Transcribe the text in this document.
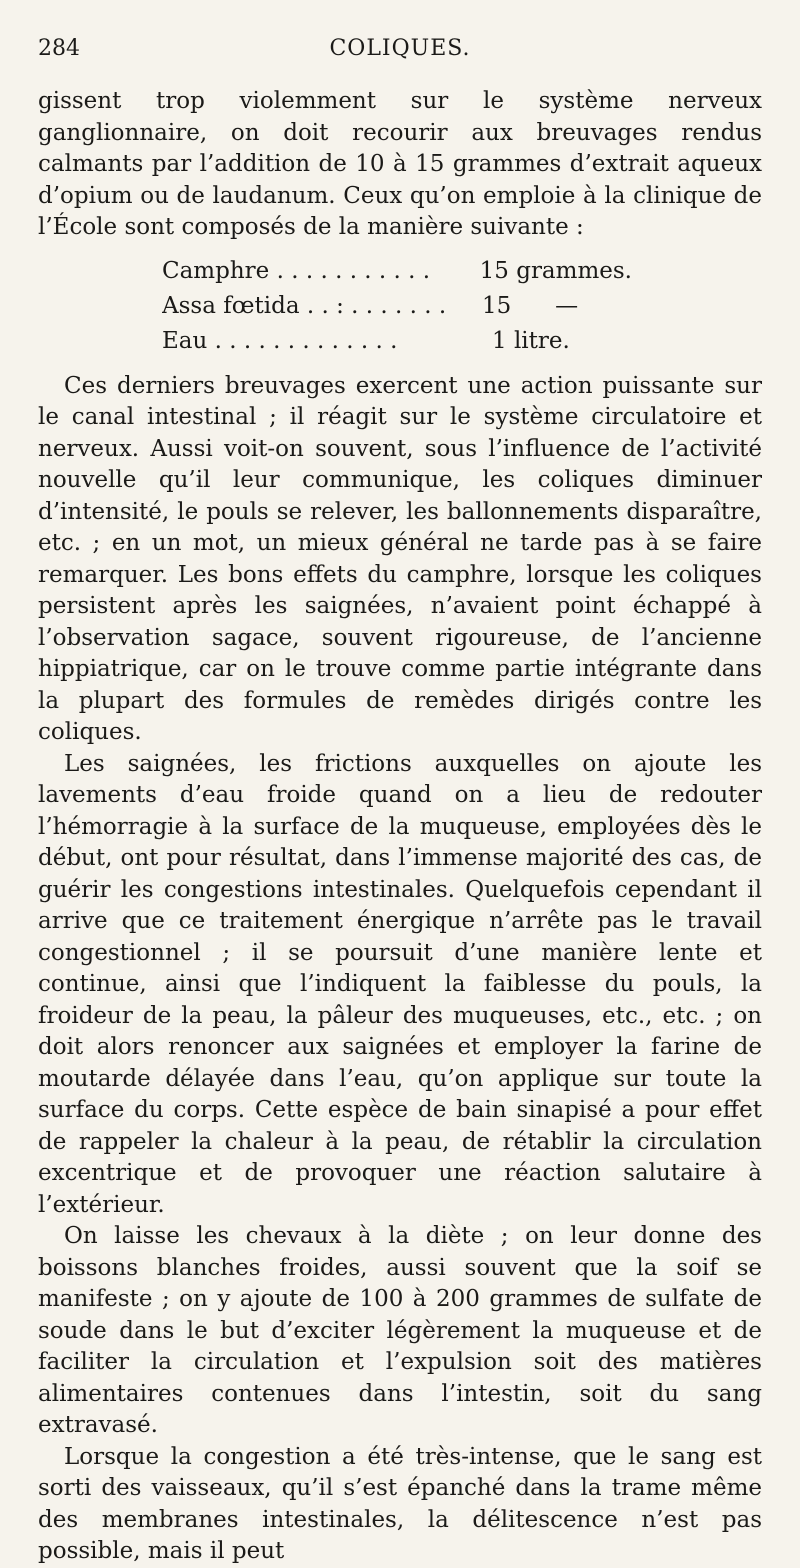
284	COLIQUES.

gissent trop violemment sur le système nerveux ganglionnaire, on doit recourir aux breuvages rendus calmants par l’addition de 10 à 15 grammes d’extrait aqueux d’opium ou de laudanum. Ceux qu’on emploie à la clinique de l’École sont composés de la manière suivante :

Camphre . . . . . . . . . . .	15 grammes.
Assa fœtida . . : . . . . . . .	15      —
Eau . . . . . . . . . . . . .	1 litre.

Ces derniers breuvages exercent une action puissante sur le canal intestinal ; il réagit sur le système circulatoire et nerveux. Aussi voit-on souvent, sous l’influence de l’activité nouvelle qu’il leur communique, les coliques diminuer d’intensité, le pouls se relever, les ballonnements disparaître, etc. ; en un mot, un mieux général ne tarde pas à se faire remarquer. Les bons effets du camphre, lorsque les coliques persistent après les saignées, n’avaient point échappé à l’observation sagace, souvent rigoureuse, de l’ancienne hippiatrique, car on le trouve comme partie intégrante dans la plupart des formules de remèdes dirigés contre les coliques.

Les saignées, les frictions auxquelles on ajoute les lavements d’eau froide quand on a lieu de redouter l’hémorragie à la surface de la muqueuse, employées dès le début, ont pour résultat, dans l’immense majorité des cas, de guérir les congestions intestinales. Quelquefois cependant il arrive que ce traitement énergique n’arrête pas le travail congestionnel ; il se poursuit d’une manière lente et continue, ainsi que l’indiquent la faiblesse du pouls, la froideur de la peau, la pâleur des muqueuses, etc., etc. ; on doit alors renoncer aux saignées et employer la farine de moutarde délayée dans l’eau, qu’on applique sur toute la surface du corps. Cette espèce de bain sinapisé a pour effet de rappeler la chaleur à la peau, de rétablir la circulation excentrique et de provoquer une réaction salutaire à l’extérieur.

On laisse les chevaux à la diète ; on leur donne des boissons blanches froides, aussi souvent que la soif se manifeste ; on y ajoute de 100 à 200 grammes de sulfate de soude dans le but d’exciter légèrement la muqueuse et de faciliter la circulation et l’expulsion soit des matières alimentaires contenues dans l’intestin, soit du sang extravasé.

Lorsque la congestion a été très-intense, que le sang est sorti des vaisseaux, qu’il s’est épanché dans la trame même des membranes intestinales, la délitescence n’est pas possible, mais il peut
